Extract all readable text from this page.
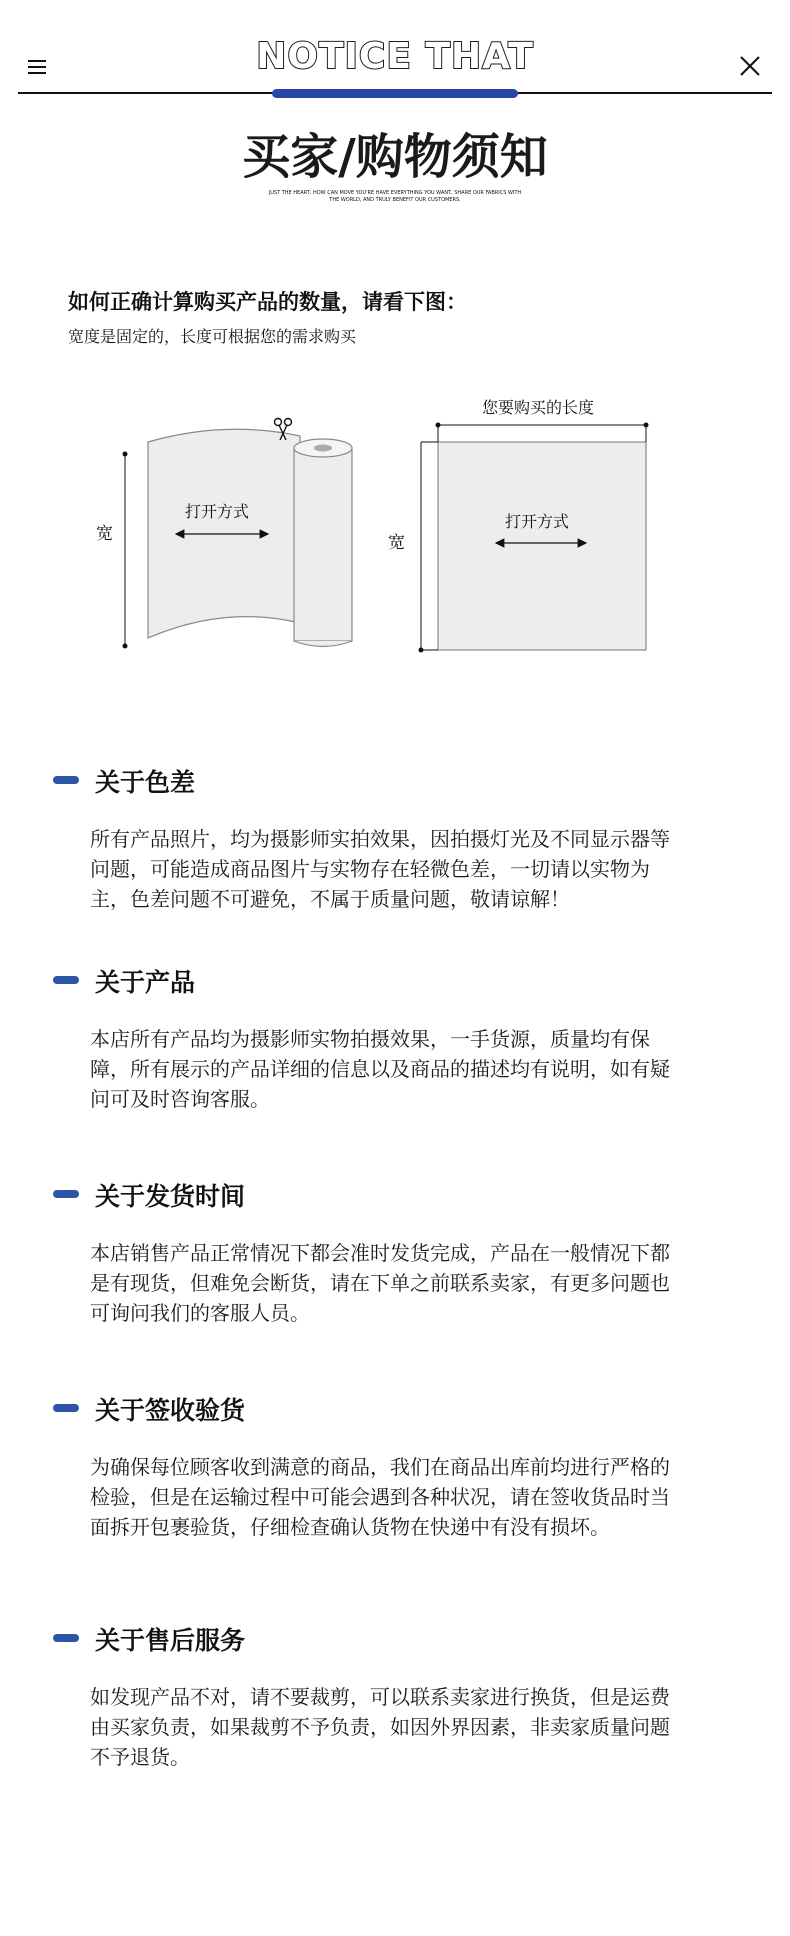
NOTICE THAT
买家/购物须知
JUST THE HEART, HOW CAN MOVE YOU'RE HAVE EVERYTHING YOU WANT, SHARE OUR FABRICS WITH THE WORLD, AND TRULY BENEFIT OUR CUSTOMERS.
如何正确计算购买产品的数量，请看下图：
宽度是固定的，长度可根据您的需求购买
宽
打开方式
您要购买的长度
宽
打开方式
关于色差
所有产品照片，均为摄影师实拍效果，因拍摄灯光及不同显示器等
问题，可能造成商品图片与实物存在轻微色差，一切请以实物为
主，色差问题不可避免，不属于质量问题，敬请谅解！
关于产品
本店所有产品均为摄影师实物拍摄效果，一手货源，质量均有保
障，所有展示的产品详细的信息以及商品的描述均有说明，如有疑
问可及时咨询客服。
关于发货时间
本店销售产品正常情况下都会准时发货完成，产品在一般情况下都
是有现货，但难免会断货，请在下单之前联系卖家，有更多问题也
可询问我们的客服人员。
关于签收验货
为确保每位顾客收到满意的商品，我们在商品出库前均进行严格的
检验，但是在运输过程中可能会遇到各种状况，请在签收货品时当
面拆开包裹验货，仔细检查确认货物在快递中有没有损坏。
关于售后服务
如发现产品不对，请不要裁剪，可以联系卖家进行换货，但是运费
由买家负责，如果裁剪不予负责，如因外界因素，非卖家质量问题
不予退货。
